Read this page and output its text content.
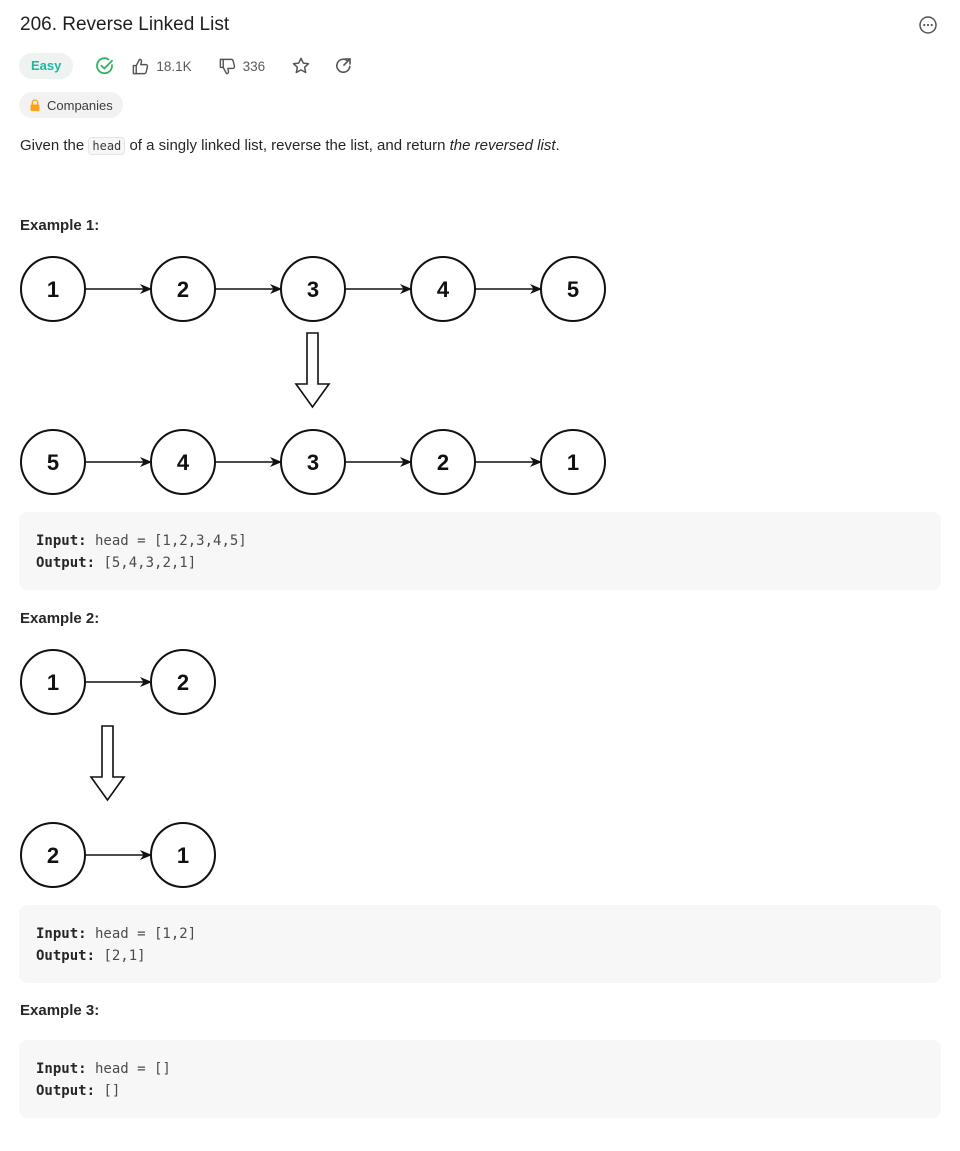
206. Reverse Linked List
Easy	18.1K	336
Companies
Given the head of a singly linked list, reverse the list, and return the reversed list.
Example 1:
1	2	3	4	5
5	4	3	2	1
Input: head = [1,2,3,4,5]
Output: [5,4,3,2,1]
Example 2:
1	2
2	1
Input: head = [1,2]
Output: [2,1]
Example 3:
Input: head = []
Output: []
